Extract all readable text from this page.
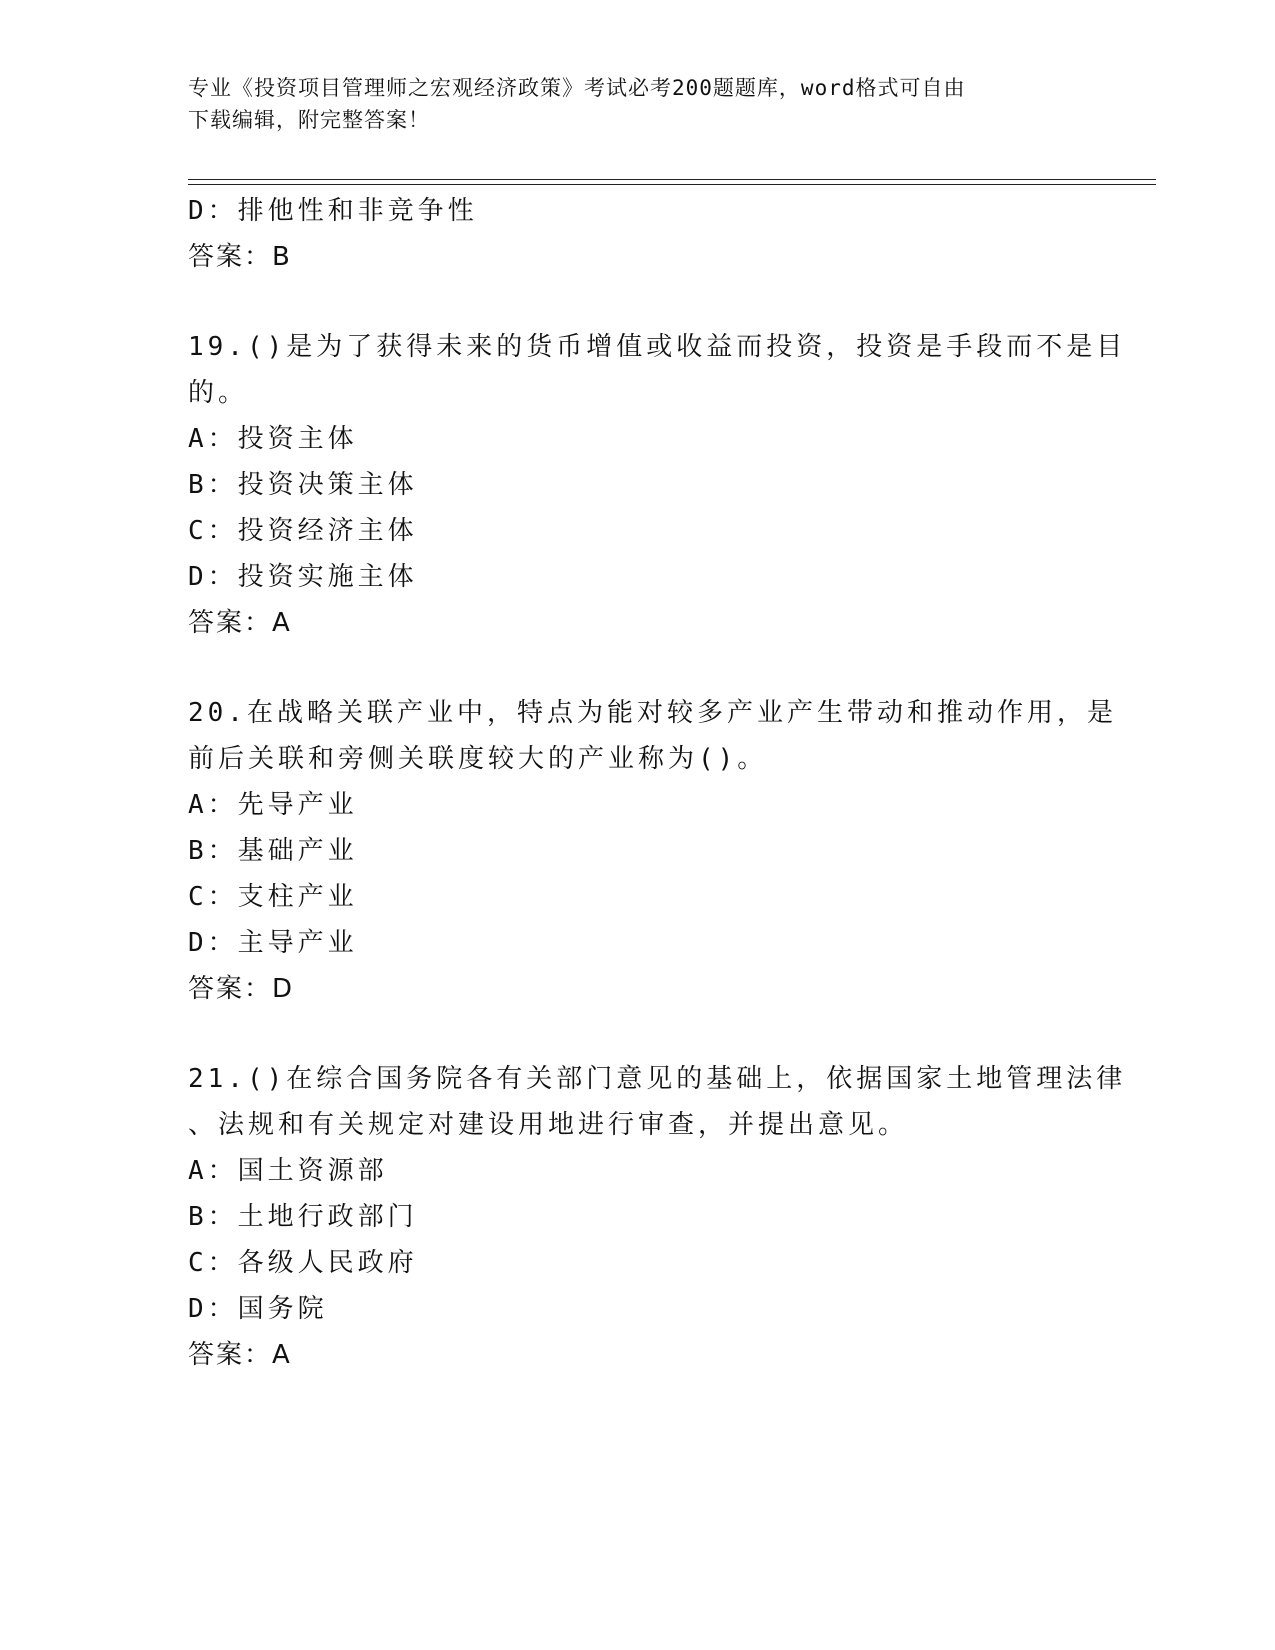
专业《投资项目管理师之宏观经济政策》考试必考200题题库，word格式可自由
下载编辑，附完整答案！
D：排他性和非竞争性
答案：B
19.()是为了获得未来的货币增值或收益而投资，投资是手段而不是目
的。
A：投资主体
B：投资决策主体
C：投资经济主体
D：投资实施主体
答案：A
20.在战略关联产业中，特点为能对较多产业产生带动和推动作用，是
前后关联和旁侧关联度较大的产业称为()。
A：先导产业
B：基础产业
C：支柱产业
D：主导产业
答案：D
21.()在综合国务院各有关部门意见的基础上，依据国家土地管理法律
、法规和有关规定对建设用地进行审查，并提出意见。
A：国土资源部
B：土地行政部门
C：各级人民政府
D：国务院
答案：A
